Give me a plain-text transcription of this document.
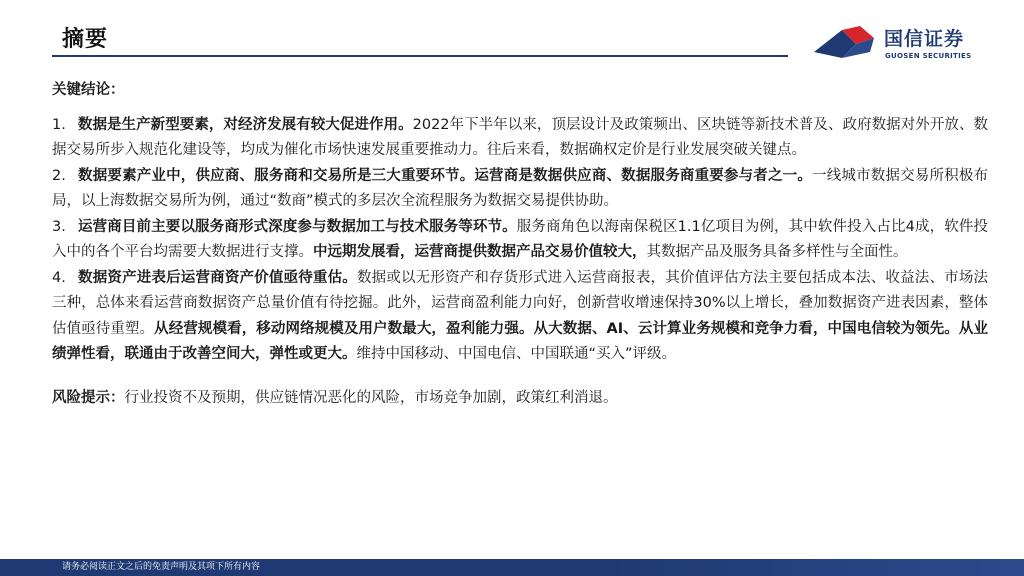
摘要	国信证券
GUOSEN SECURITIES

关键结论：

1. 数据是生产新型要素，对经济发展有较大促进作用。2022年下半年以来，顶层设计及政策频出、区块链等新技术普及、政府数据对外开放、数据交易所步入规范化建设等，均成为催化市场快速发展重要推动力。往后来看，数据确权定价是行业发展突破关键点。

2. 数据要素产业中，供应商、服务商和交易所是三大重要环节。运营商是数据供应商、数据服务商重要参与者之一。一线城市数据交易所积极布局，以上海数据交易所为例，通过“数商”模式的多层次全流程服务为数据交易提供协助。

3. 运营商目前主要以服务商形式深度参与数据加工与技术服务等环节。服务商角色以海南保税区1.1亿项目为例，其中软件投入占比4成，软件投入中的各个平台均需要大数据进行支撑。中远期发展看，运营商提供数据产品交易价值较大，其数据产品及服务具备多样性与全面性。

4. 数据资产进表后运营商资产价值亟待重估。数据或以无形资产和存货形式进入运营商报表，其价值评估方法主要包括成本法、收益法、市场法三种，总体来看运营商数据资产总量价值有待挖掘。此外，运营商盈利能力向好，创新营收增速保持30%以上增长，叠加数据资产进表因素，整体估值亟待重塑。从经营规模看，移动网络规模及用户数最大，盈利能力强。从大数据、AI、云计算业务规模和竞争力看，中国电信较为领先。从业绩弹性看，联通由于改善空间大，弹性或更大。维持中国移动、中国电信、中国联通“买入”评级。

风险提示：行业投资不及预期，供应链情况恶化的风险，市场竞争加剧，政策红利消退。

请务必阅读正文之后的免责声明及其项下所有内容
